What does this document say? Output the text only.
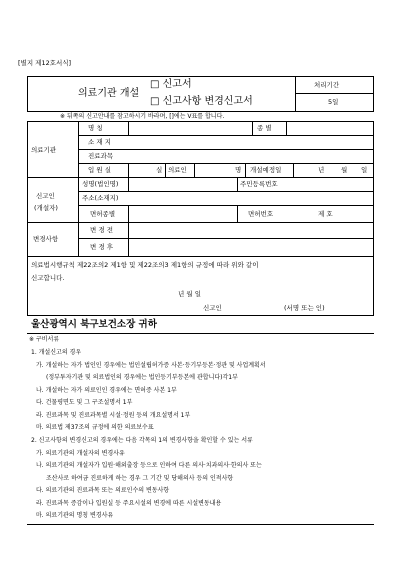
[별지 제12호서식]
의료기관 개설
□ 신고서
□ 신고사항 변경신고서
처리기간
5일
※ 뒤쪽의 신고안내를 참고하시기 바라며, []에는 V표를 합니다.
의료기관
명 칭	종 별
소 재 지
진료과목
입 원 실	실 의료인	명 개설예정일	년	월 일
신고인
(개설자)
성명(법인명)	주민등록번호
주소(소재지)
면허종별	면허번호	제 호
변경사항
변 경 전
변 경 후
의료법시행규칙 제22조의2 제1항 및 제22조의3 제1항의 규정에 따라 위와 같이
신고합니다.
년 월 일
신고인	(서명 또는 인)
울산광역시 북구보건소장 귀하
※ 구비서류
1. 개설신고의 경우
가. 개설하는 자가 법인인 경우에는 법인설립허가증 사본·등기부등본·정관 및 사업계획서
(정부투자기관 및 의료법인의 경우에는 법인등기부등본에 관합니다)각1부
나. 개설하는 자가 의료인인 경우에는 면허증 사본 1부
다. 건물평면도 및 그 구조설명서 1부
라. 진료과목 및 진료과목별 시설·정원 등의 개요설명서 1부
마. 의료법 제37조의 규정에 의한 의료보수표
2. 신고사항의 변경신고의 경우에는 다음 각목의 1의 변경사항을 확인할 수 있는 서류
가. 의료기관의 개설자의 변경사유
나. 의료기관의 개설자가 입원·해외출장 등으로 인하여 다른 의사·치과의사·한의사 또는
조산사로 하여금 진료하게 하는 경우 그 기간 및 당해의사 등의 인적사항
다. 의료기관의 진료과목 또는 의료인수의 변동사항
라. 진료과목 증감이나 입원실 등 주요시설의 변경에 따른 시설변동내용
마. 의료기관의 명칭 변경사유
